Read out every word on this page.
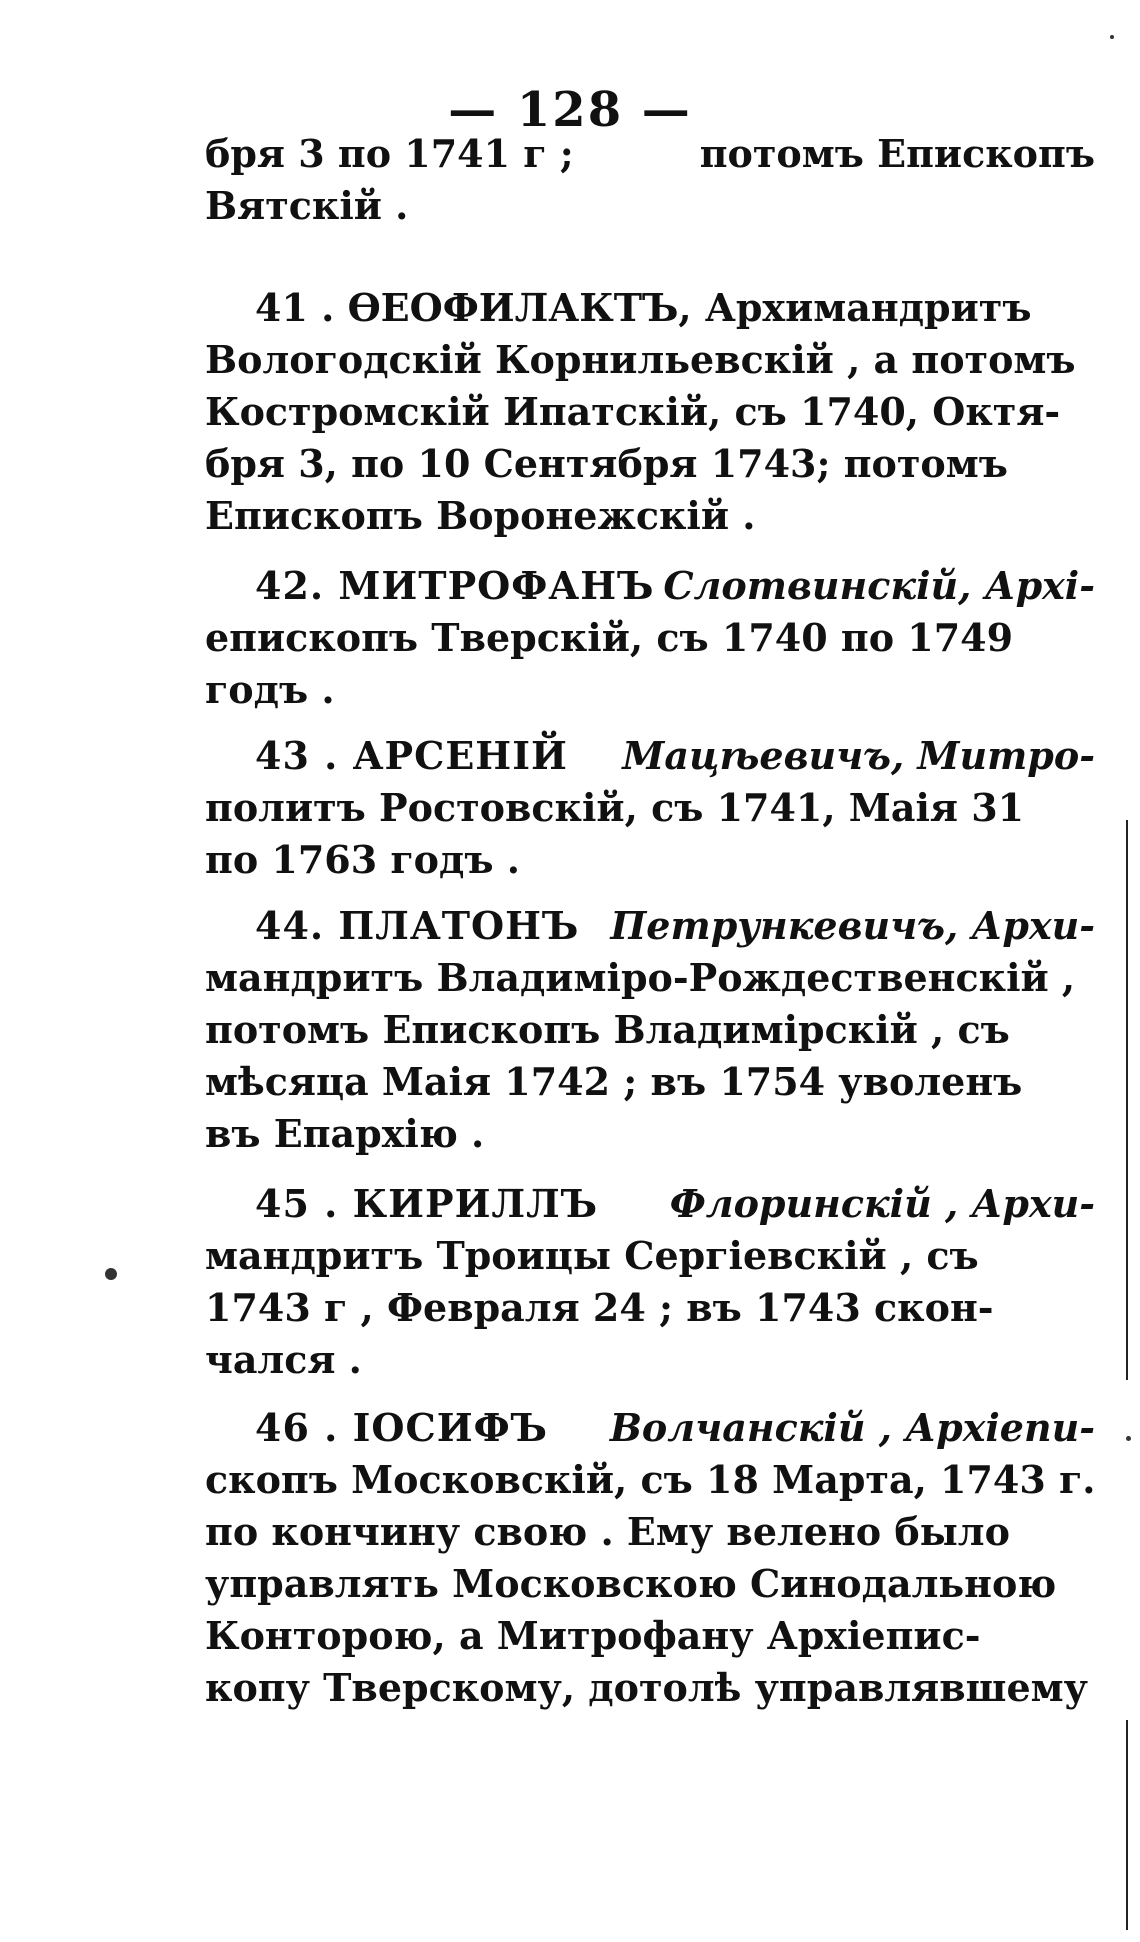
— 128 —
бря 3 по 1741 г ;	потомъ Епископъ
Вятскій .
41 . ѲЕОФИЛАКТЪ, Архимандритъ
Вологодскій Корнильевскій , а потомъ
Костромскій Ипатскій, съ 1740, Октя-
бря 3, по 10 Сентября 1743; потомъ
Епископъ Воронежскій .
42. МИТРОФАНЪ Слотвинскій, Архі-
епископъ Тверскій, съ 1740 по 1749
годъ .
43 . АРСЕНІЙ Мацѣевичъ, Митро-
политъ Ростовскій, съ 1741, Маія 31
по 1763 годъ .
44. ПЛАТОНЪ Петрункевичъ, Архи-
мандритъ Владиміро-Рождественскій ,
потомъ Епископъ Владимірскій , съ
мѣсяца Маія 1742 ; въ 1754 уволенъ
въ Епархію .
45 . КИРИЛЛЪ Флоринскій , Архи-
мандритъ Троицы Сергіевскій , съ
1743 г , Февраля 24 ; въ 1743 скон-
чался .
46 . ІОСИФЪ Волчанскій , Архіепи-
скопъ Московскій, съ 18 Марта, 1743 г.
по кончину свою . Ему велено было
управлять Московскою Синодальною
Конторою, а Митрофану Архіепис-
копу Тверскому, дотолѣ управлявшему
